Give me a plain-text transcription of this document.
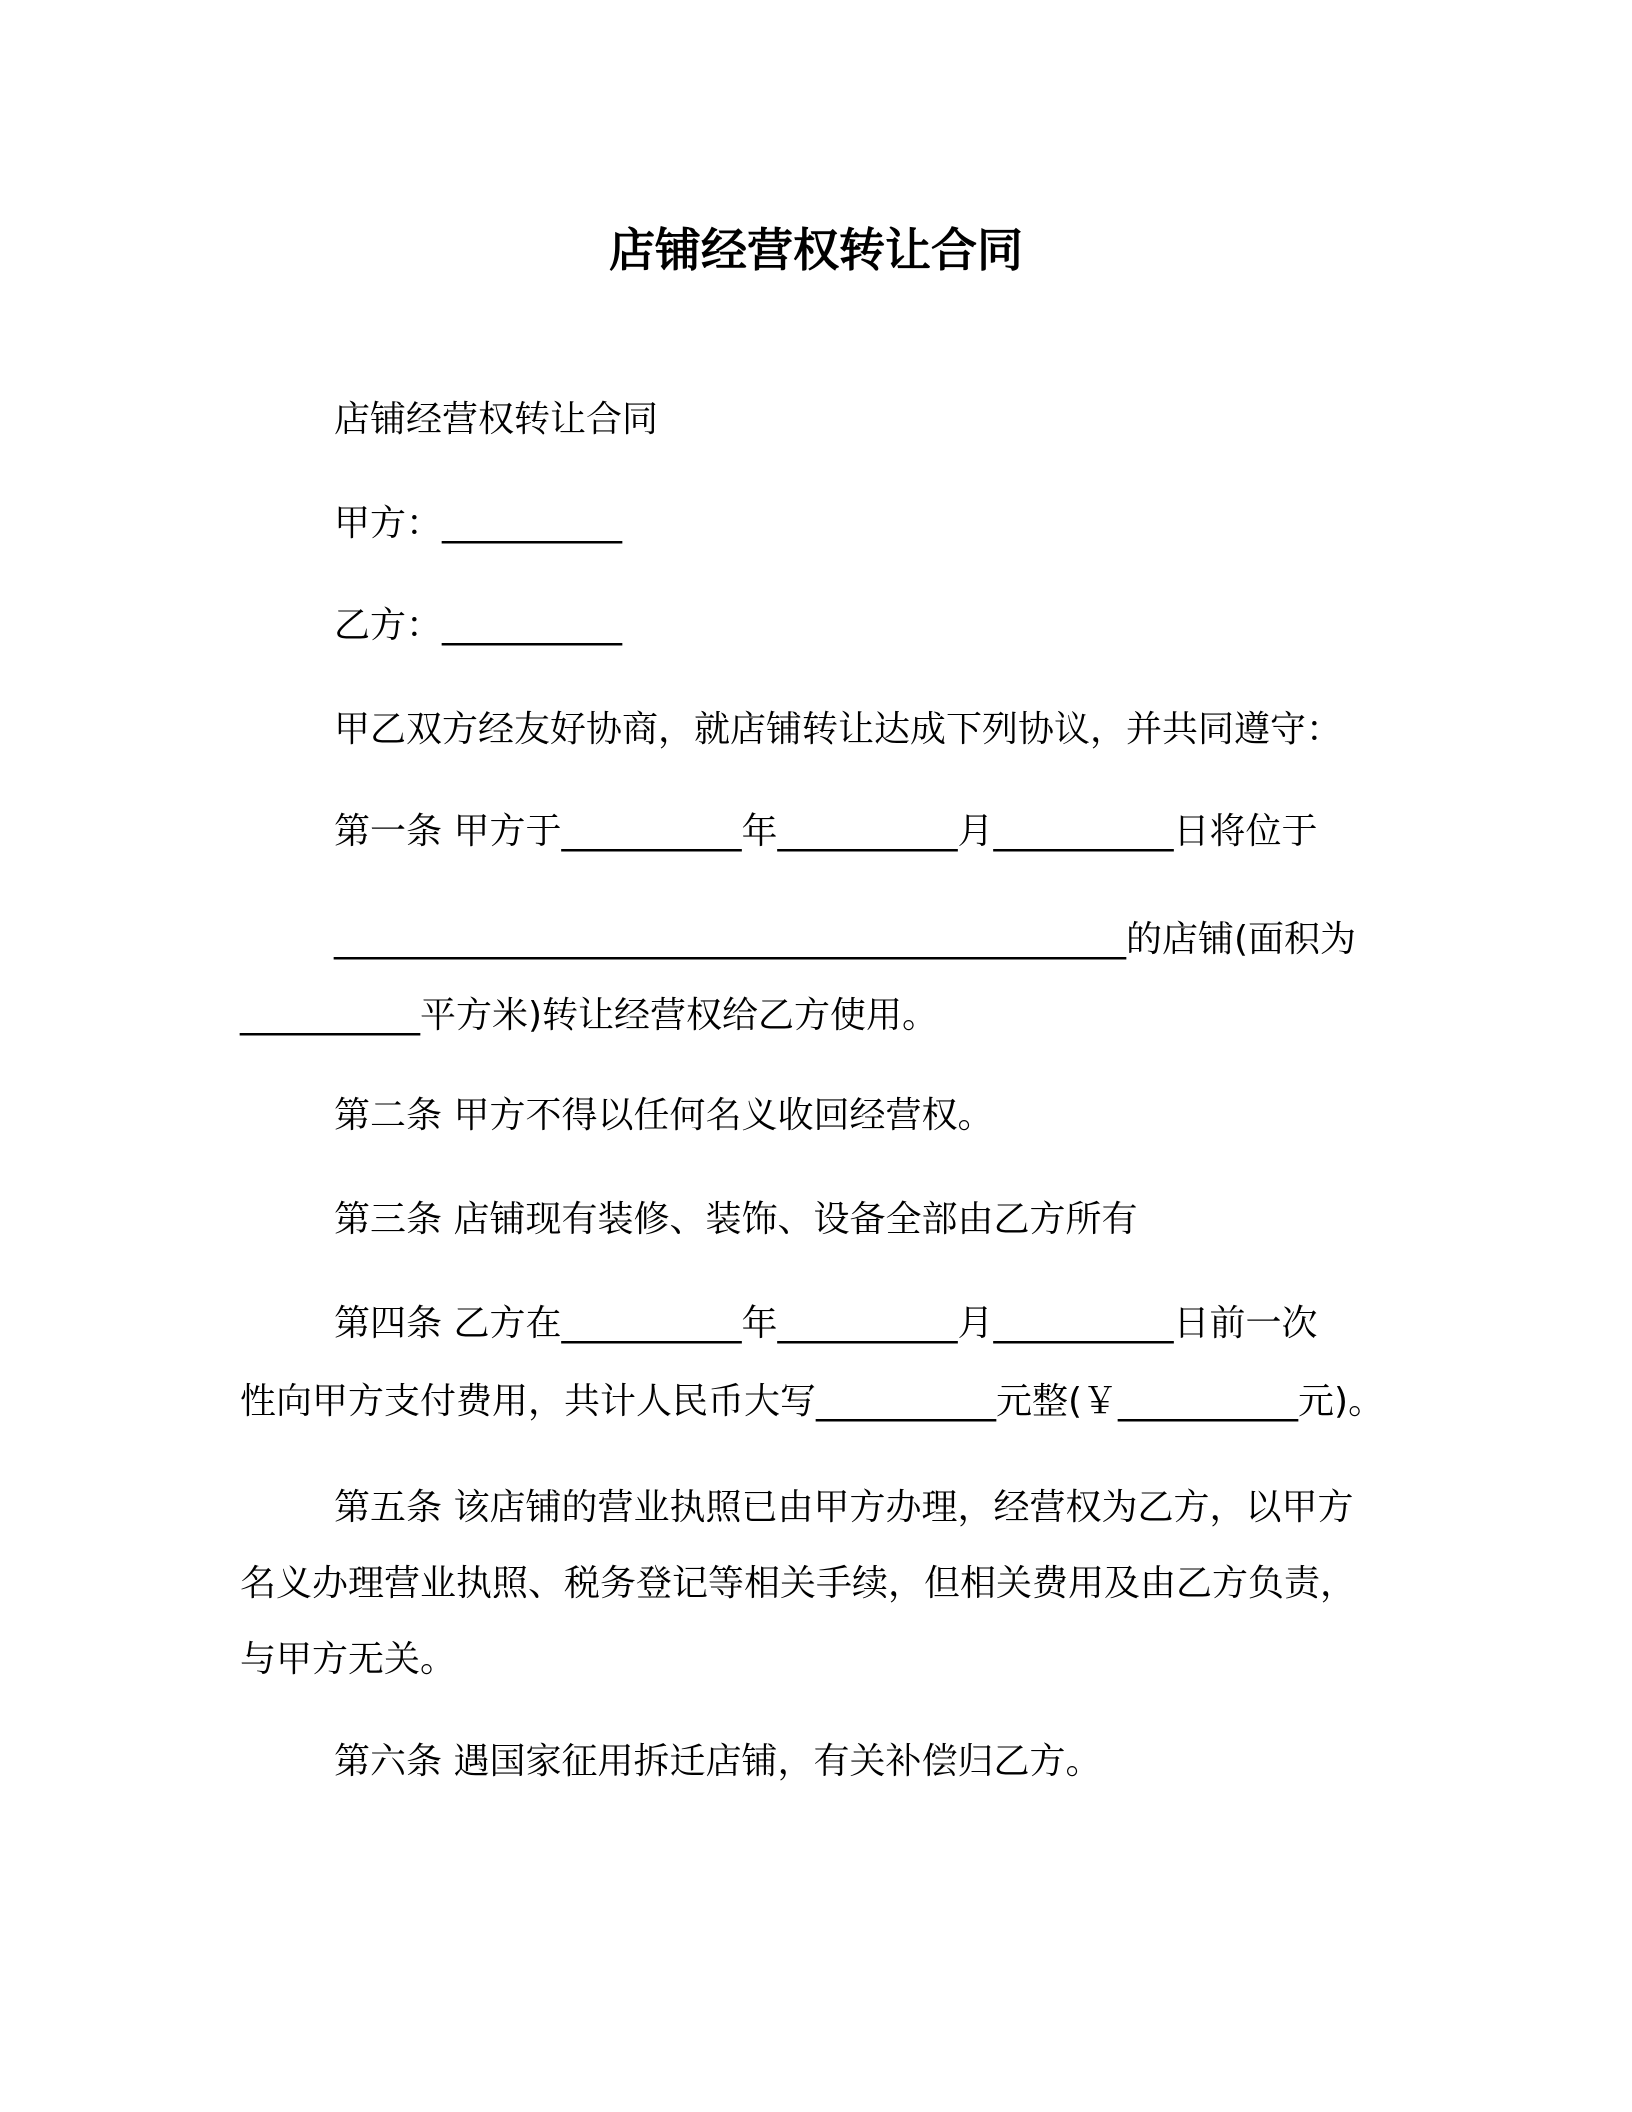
店铺经营权转让合同
店铺经营权转让合同
甲方：__________
乙方：__________
甲乙双方经友好协商，就店铺转让达成下列协议，并共同遵守：
第一条 甲方于__________年__________月__________日将位于
____________________________________________的店铺(面积为
__________平方米)转让经营权给乙方使用。
第二条 甲方不得以任何名义收回经营权。
第三条 店铺现有装修、装饰、设备全部由乙方所有
第四条 乙方在__________年__________月__________日前一次
性向甲方支付费用，共计人民币大写__________元整(￥__________元)。
第五条 该店铺的营业执照已由甲方办理，经营权为乙方，以甲方
名义办理营业执照、税务登记等相关手续，但相关费用及由乙方负责，
与甲方无关。
第六条 遇国家征用拆迁店铺，有关补偿归乙方。
